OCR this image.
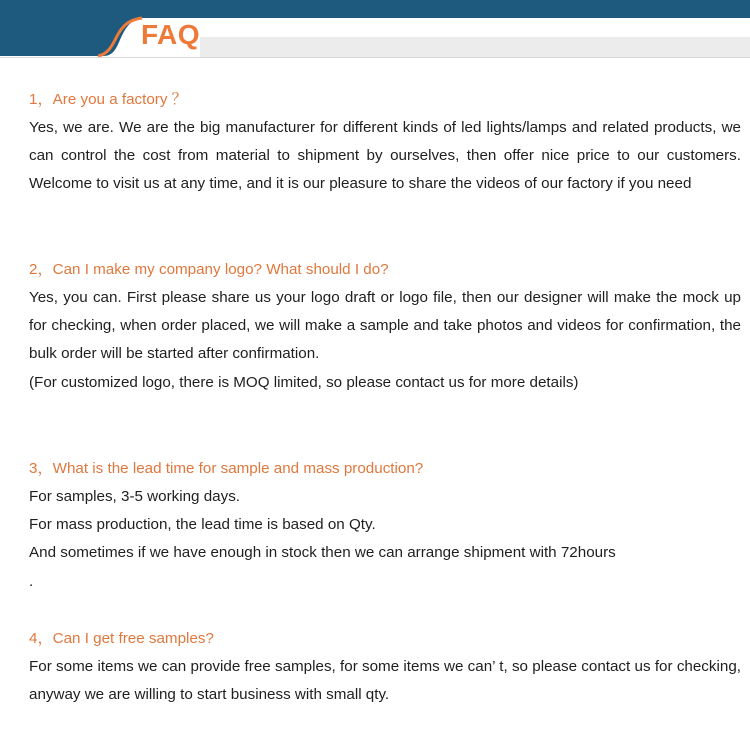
FAQ

1，Are you a factory ？

Yes, we are. We are the big manufacturer for different kinds of led lights/lamps and related products, we can control the cost from material to shipment by ourselves, then offer nice price to our customers. Welcome to visit us at any time, and it is our pleasure to share the videos of our factory if you need

2，Can I make my company logo? What should I do?

Yes, you can. First please share us your logo draft or logo file, then our designer will make the mock up for checking, when order placed, we will make a sample and take photos and videos for confirmation, the bulk order will be started after confirmation.

(For customized logo, there is MOQ limited, so please contact us for more details)

3，What is the lead time for sample and mass production?

For samples, 3-5 working days.

For mass production, the lead time is based on Qty.

And sometimes if we have enough in stock then we can arrange shipment with 72hours

.

4，Can I get free samples?

For some items we can provide free samples, for some items we can’ t, so please contact us for checking, anyway we are willing to start business with small qty.
